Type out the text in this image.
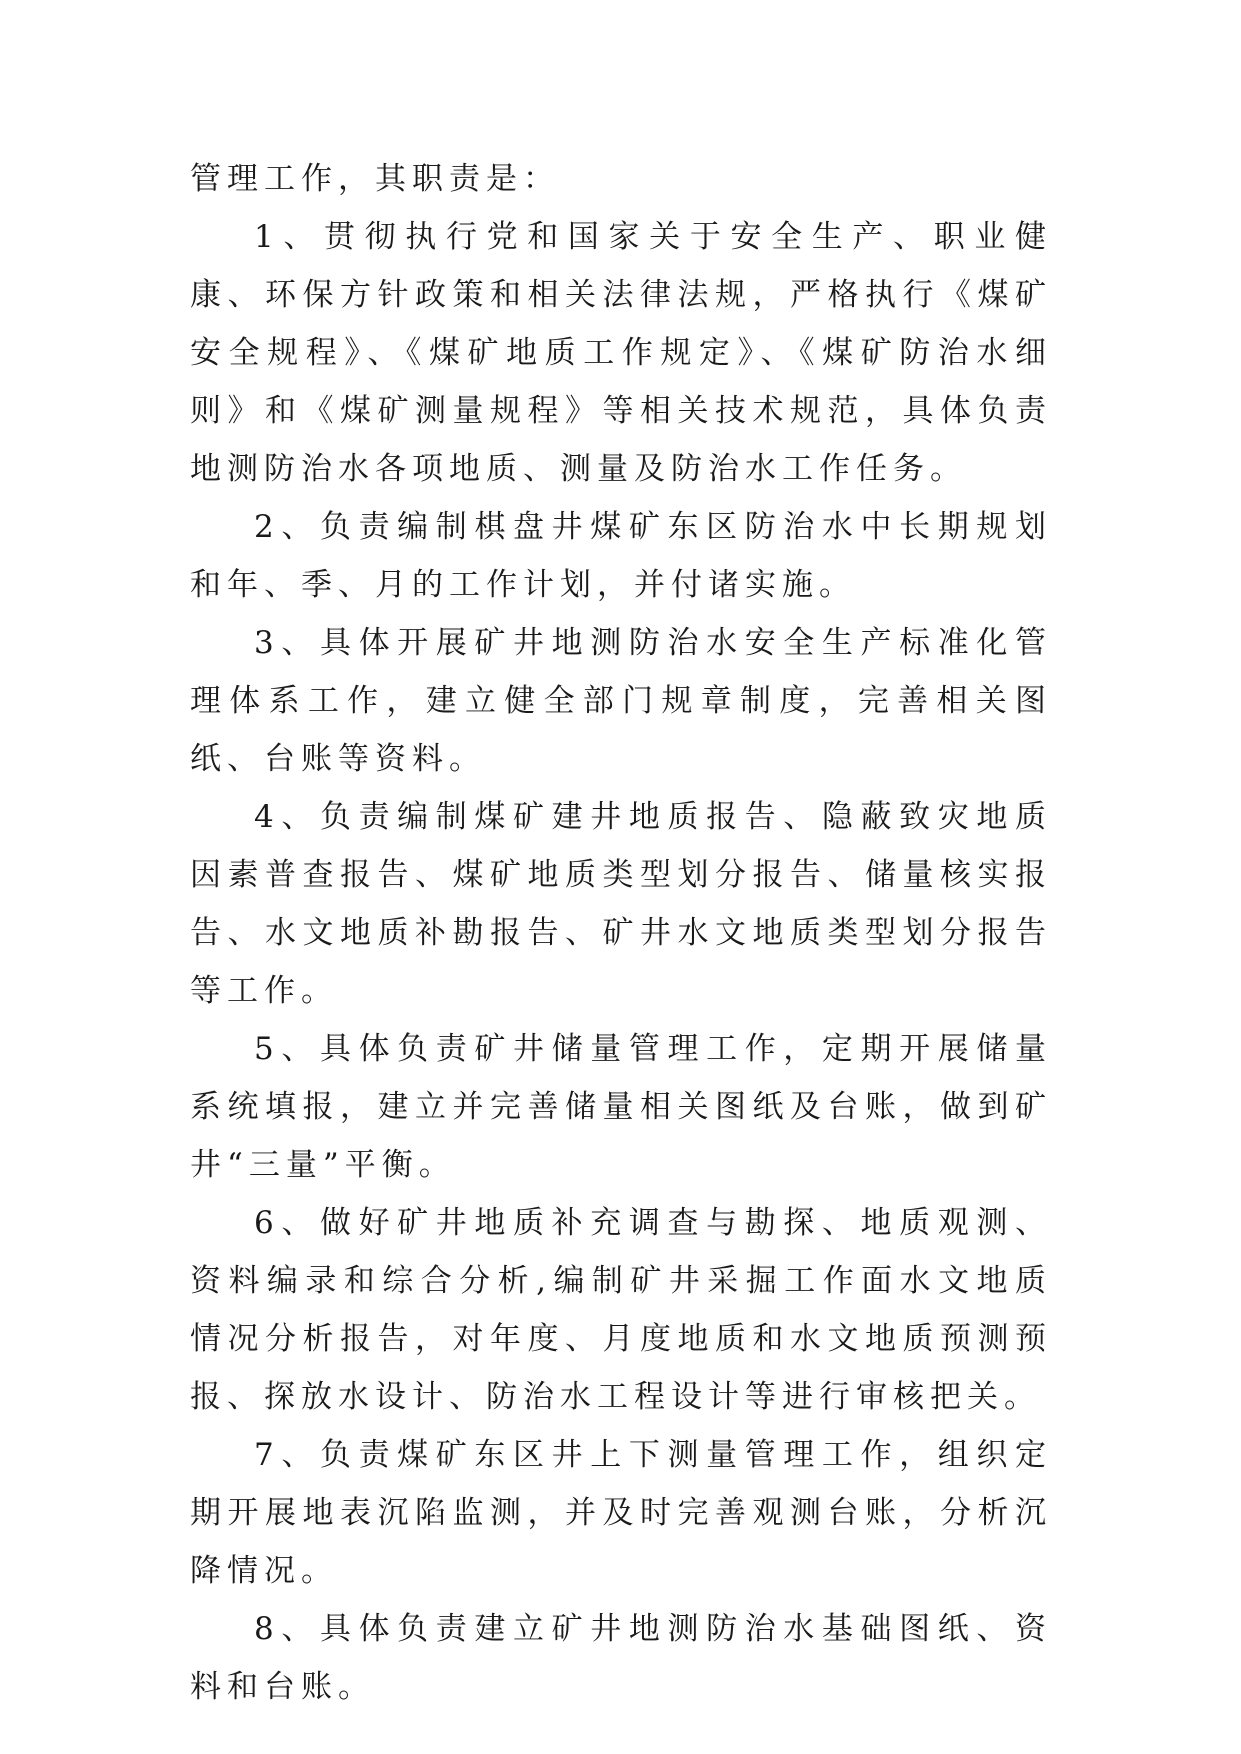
管理工作，其职责是：

1、贯彻执行党和国家关于安全生产、职业健康、环保方针政策和相关法律法规，严格执行《煤矿安全规程》、《煤矿地质工作规定》、《煤矿防治水细则》和《煤矿测量规程》等相关技术规范，具体负责地测防治水各项地质、测量及防治水工作任务。

2、负责编制棋盘井煤矿东区防治水中长期规划和年、季、月的工作计划，并付诸实施。

3、具体开展矿井地测防治水安全生产标准化管理体系工作，建立健全部门规章制度，完善相关图纸、台账等资料。

4、负责编制煤矿建井地质报告、隐蔽致灾地质因素普查报告、煤矿地质类型划分报告、储量核实报告、水文地质补勘报告、矿井水文地质类型划分报告等工作。

5、具体负责矿井储量管理工作，定期开展储量系统填报，建立并完善储量相关图纸及台账，做到矿井“三量”平衡。

6、做好矿井地质补充调查与勘探、地质观测、资料编录和综合分析,编制矿井采掘工作面水文地质情况分析报告，对年度、月度地质和水文地质预测预报、探放水设计、防治水工程设计等进行审核把关。

7、负责煤矿东区井上下测量管理工作，组织定期开展地表沉陷监测，并及时完善观测台账，分析沉降情况。

8、具体负责建立矿井地测防治水基础图纸、资料和台账。
